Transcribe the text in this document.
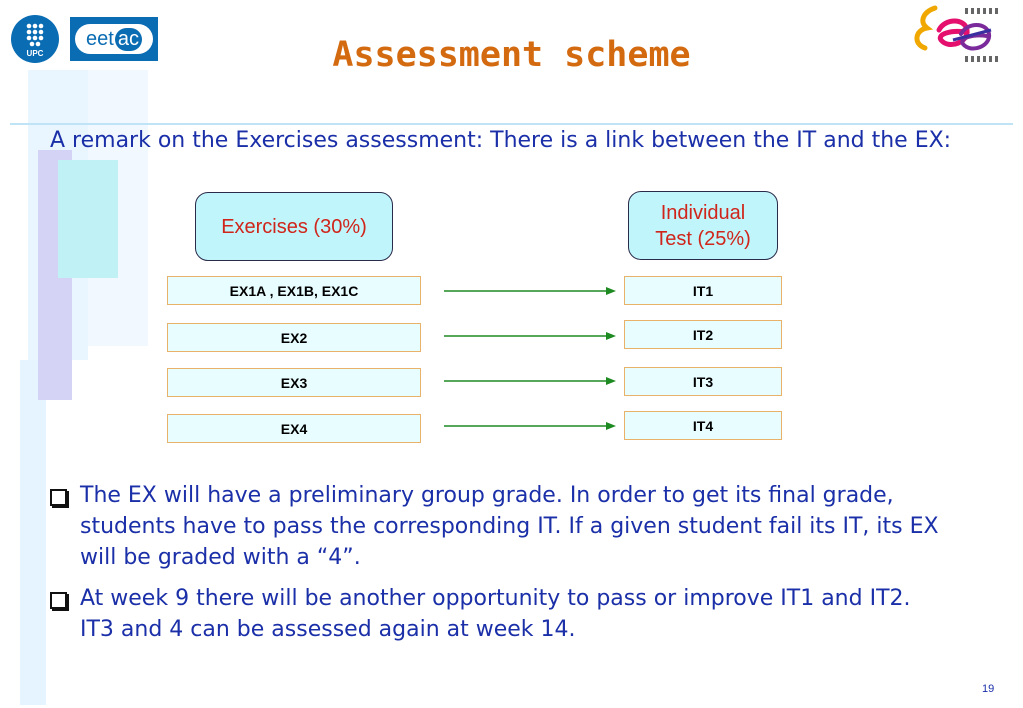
UPC
eet ac	Assessment scheme
A remark on the Exercises assessment: There is a link between the IT and the EX:
Exercises (30%)
Individual
Test (25%)
EX1A , EX1B, EX1C	IT1
EX2	IT2
EX3	IT3
EX4	IT4
The EX will have a preliminary group grade. In order to get its final grade, students have to pass the corresponding IT. If a given student fail its IT, its EX will be graded with a “4”.
At week 9 there will be another opportunity to pass or improve IT1 and IT2. IT3 and 4 can be assessed again at week 14.
19
